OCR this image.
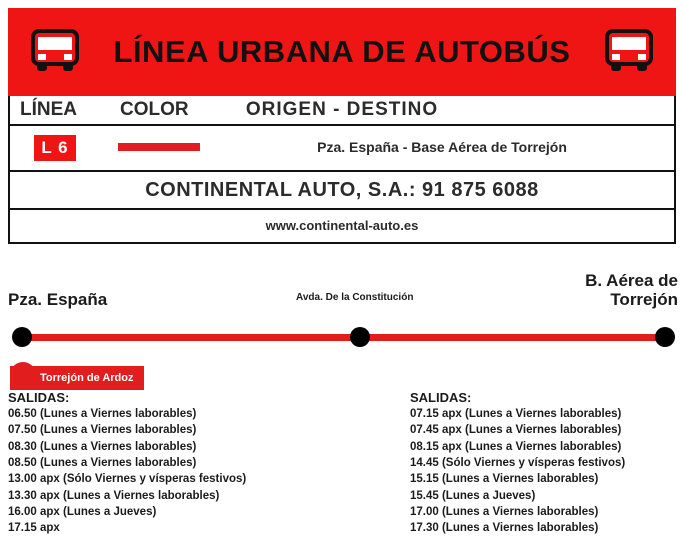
LÍNEA URBANA DE AUTOBÚS
LÍNEA COLOR	ORIGEN - DESTINO
L 6	Pza. España - Base Aérea de Torrejón
CONTINENTAL AUTO, S.A.: 91 875 6088
www.continental-auto.es
Pza. España	Avda. De la Constitución
B. Aérea de Torrejón
Torrejón de Ardoz
SALIDAS:
06.50 (Lunes a Viernes laborables)
07.50 (Lunes a Viernes laborables)
08.30 (Lunes a Viernes laborables)
08.50 (Lunes a Viernes laborables)
13.00 apx (Sólo Viernes y vísperas festivos)
13.30 apx (Lunes a Viernes laborables)
16.00 apx (Lunes a Jueves)
17.15 apx
SALIDAS:
07.15 apx (Lunes a Viernes laborables)
07.45 apx (Lunes a Viernes laborables)
08.15 apx (Lunes a Viernes laborables)
14.45 (Sólo Viernes y vísperas festivos)
15.15 (Lunes a Viernes laborables)
15.45 (Lunes a Jueves)
17.00 (Lunes a Viernes laborables)
17.30 (Lunes a Viernes laborables)
